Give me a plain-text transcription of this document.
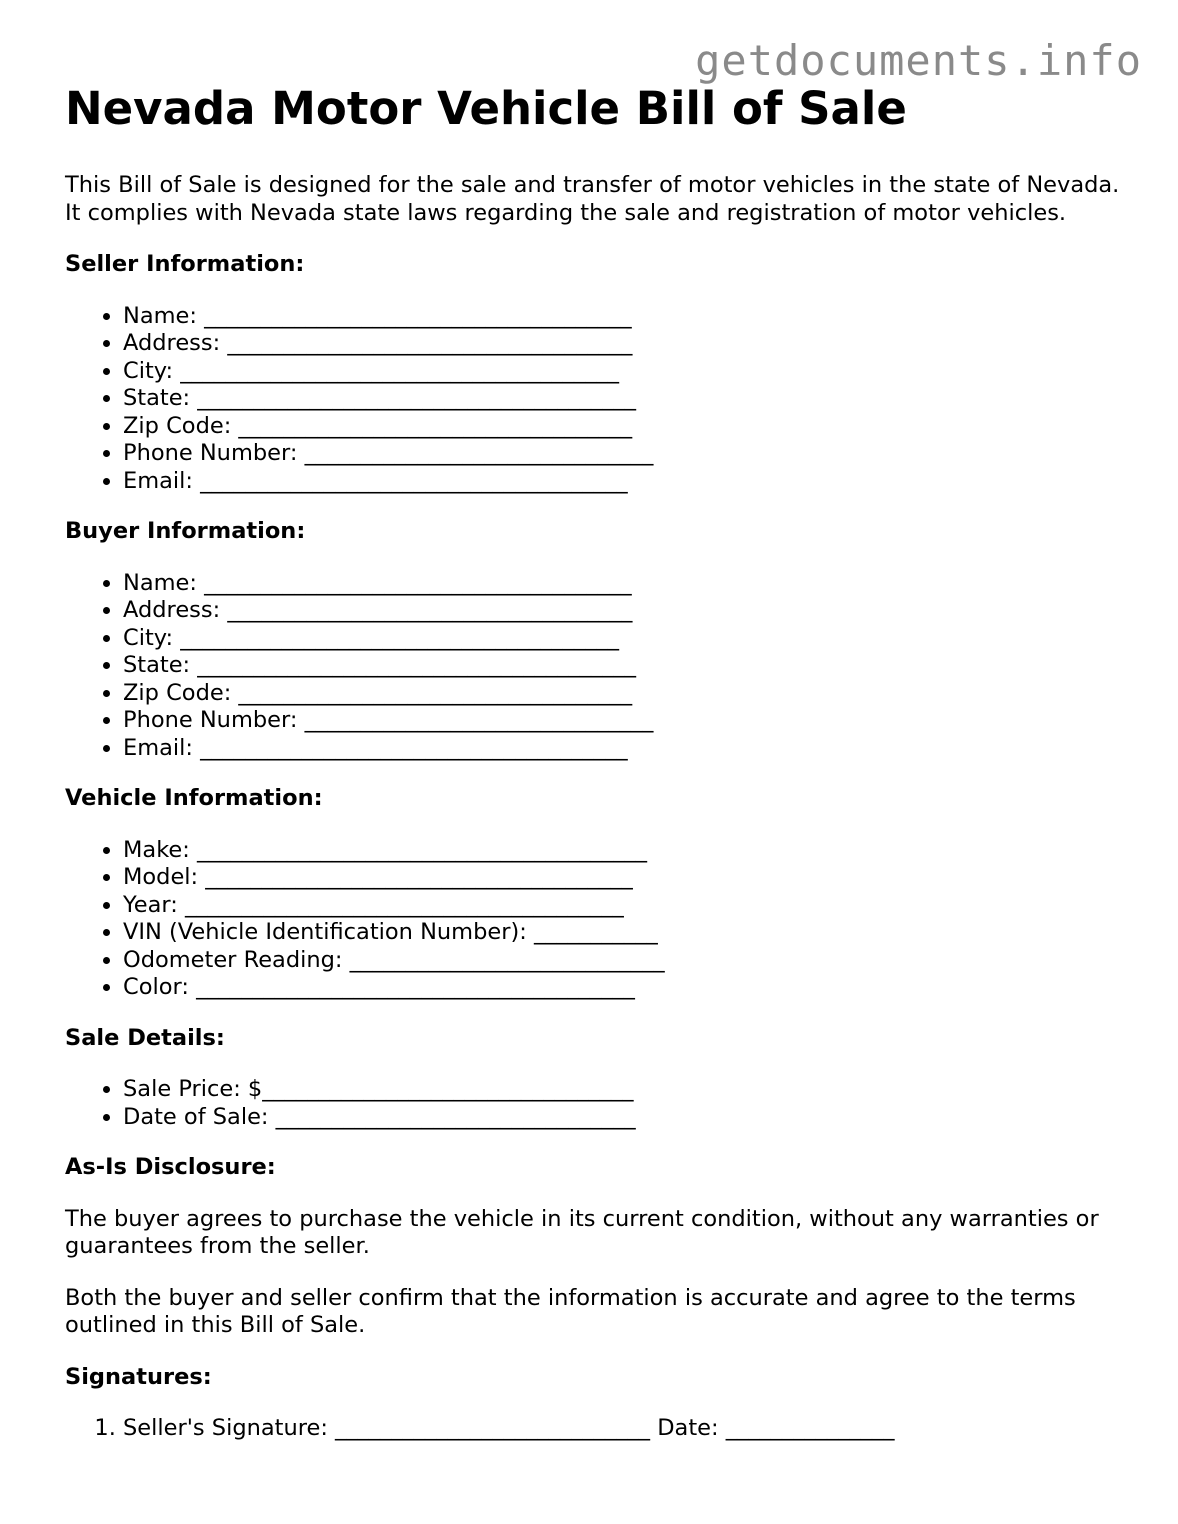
getdocuments.info
Nevada Motor Vehicle Bill of Sale

This Bill of Sale is designed for the sale and transfer of motor vehicles in the state of Nevada. It complies with Nevada state laws regarding the sale and registration of motor vehicles.

Seller Information:
• Name: ______________________________________
• Address: ____________________________________
• City: _______________________________________
• State: _______________________________________
• Zip Code: ___________________________________
• Phone Number: _______________________________
• Email: ______________________________________
Buyer Information:
• Name: ______________________________________
• Address: ____________________________________
• City: _______________________________________
• State: _______________________________________
• Zip Code: ___________________________________
• Phone Number: _______________________________
• Email: ______________________________________
Vehicle Information:
• Make: ________________________________________
• Model: ______________________________________
• Year: _______________________________________
• VIN (Vehicle Identification Number): ___________
• Odometer Reading: ____________________________
• Color: _______________________________________
Sale Details:
• Sale Price: $_________________________________
• Date of Sale: ________________________________
As-Is Disclosure:

The buyer agrees to purchase the vehicle in its current condition, without any warranties or guarantees from the seller.

Both the buyer and seller confirm that the information is accurate and agree to the terms outlined in this Bill of Sale.

Signatures:
1. Seller's Signature: ____________________________ Date: _______________
